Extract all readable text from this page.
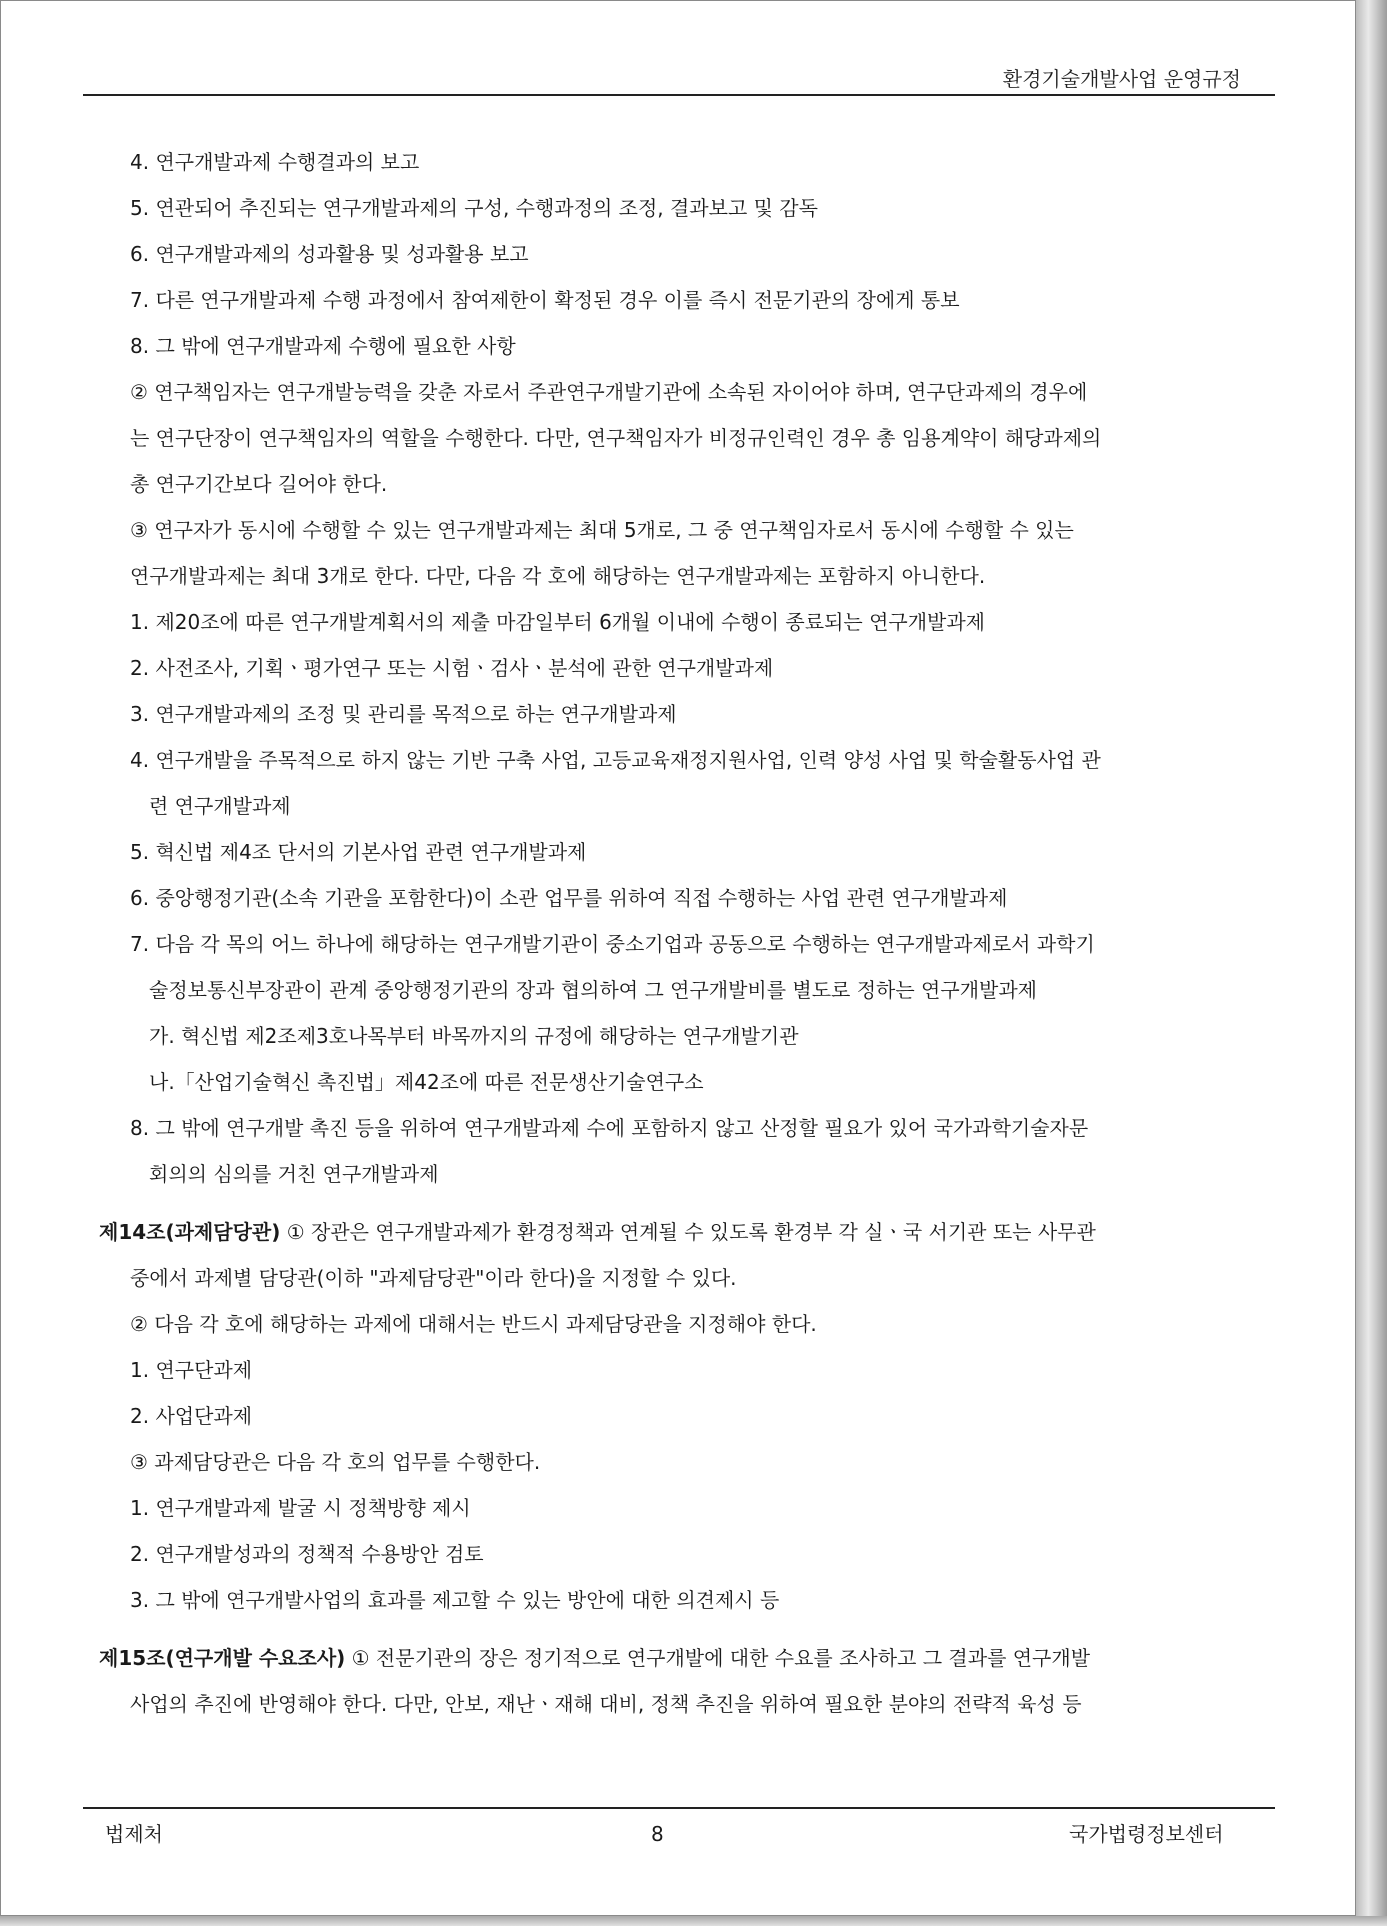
환경기술개발사업 운영규정
4. 연구개발과제 수행결과의 보고
5. 연관되어 추진되는 연구개발과제의 구성, 수행과정의 조정, 결과보고 및 감독
6. 연구개발과제의 성과활용 및 성과활용 보고
7. 다른 연구개발과제 수행 과정에서 참여제한이 확정된 경우 이를 즉시 전문기관의 장에게 통보
8. 그 밖에 연구개발과제 수행에 필요한 사항
② 연구책임자는 연구개발능력을 갖춘 자로서 주관연구개발기관에 소속된 자이어야 하며, 연구단과제의 경우에
는 연구단장이 연구책임자의 역할을 수행한다. 다만, 연구책임자가 비정규인력인 경우 총 임용계약이 해당과제의
총 연구기간보다 길어야 한다.
③ 연구자가 동시에 수행할 수 있는 연구개발과제는 최대 5개로, 그 중 연구책임자로서 동시에 수행할 수 있는
연구개발과제는 최대 3개로 한다. 다만, 다음 각 호에 해당하는 연구개발과제는 포함하지 아니한다.
1. 제20조에 따른 연구개발계획서의 제출 마감일부터 6개월 이내에 수행이 종료되는 연구개발과제
2. 사전조사, 기획ㆍ평가연구 또는 시험ㆍ검사ㆍ분석에 관한 연구개발과제
3. 연구개발과제의 조정 및 관리를 목적으로 하는 연구개발과제
4. 연구개발을 주목적으로 하지 않는 기반 구축 사업, 고등교육재정지원사업, 인력 양성 사업 및 학술활동사업 관
련 연구개발과제
5. 혁신법 제4조 단서의 기본사업 관련 연구개발과제
6. 중앙행정기관(소속 기관을 포함한다)이 소관 업무를 위하여 직접 수행하는 사업 관련 연구개발과제
7. 다음 각 목의 어느 하나에 해당하는 연구개발기관이 중소기업과 공동으로 수행하는 연구개발과제로서 과학기
술정보통신부장관이 관계 중앙행정기관의 장과 협의하여 그 연구개발비를 별도로 정하는 연구개발과제
가. 혁신법 제2조제3호나목부터 바목까지의 규정에 해당하는 연구개발기관
나.「산업기술혁신 촉진법」제42조에 따른 전문생산기술연구소
8. 그 밖에 연구개발 촉진 등을 위하여 연구개발과제 수에 포함하지 않고 산정할 필요가 있어 국가과학기술자문
회의의 심의를 거친 연구개발과제
제14조(과제담당관) ① 장관은 연구개발과제가 환경정책과 연계될 수 있도록 환경부 각 실ㆍ국 서기관 또는 사무관
중에서 과제별 담당관(이하 "과제담당관"이라 한다)을 지정할 수 있다.
② 다음 각 호에 해당하는 과제에 대해서는 반드시 과제담당관을 지정해야 한다.
1. 연구단과제
2. 사업단과제
③ 과제담당관은 다음 각 호의 업무를 수행한다.
1. 연구개발과제 발굴 시 정책방향 제시
2. 연구개발성과의 정책적 수용방안 검토
3. 그 밖에 연구개발사업의 효과를 제고할 수 있는 방안에 대한 의견제시 등
제15조(연구개발 수요조사) ① 전문기관의 장은 정기적으로 연구개발에 대한 수요를 조사하고 그 결과를 연구개발
사업의 추진에 반영해야 한다. 다만, 안보, 재난ㆍ재해 대비, 정책 추진을 위하여 필요한 분야의 전략적 육성 등
법제처	8	국가법령정보센터
